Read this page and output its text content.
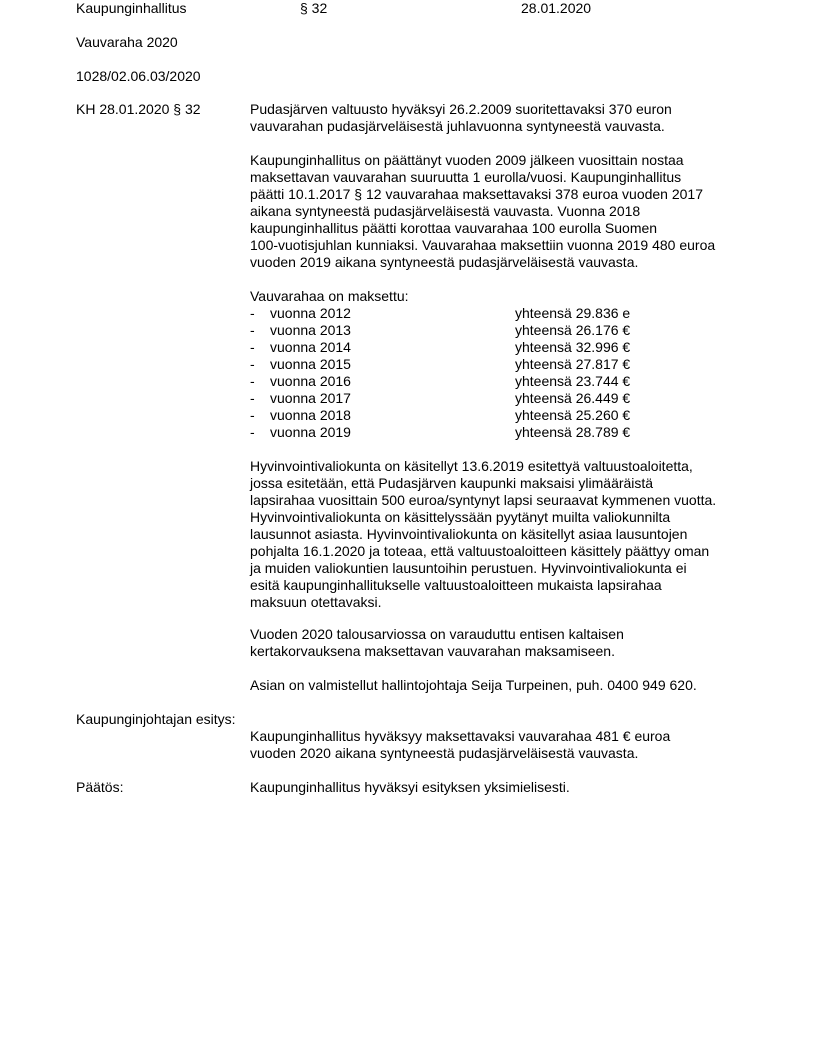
Kaupunginhallitus	§ 32	28.01.2020
Vauvaraha 2020
1028/02.06.03/2020
KH 28.01.2020 § 32	Pudasjärven valtuusto hyväksyi 26.2.2009 suoritettavaksi 370 euron
vauvarahan pudasjärveläisestä juhlavuonna syntyneestä vauvasta.
Kaupunginhallitus on päättänyt vuoden 2009 jälkeen vuosittain nostaa
maksettavan vauvarahan suuruutta 1 eurolla/vuosi. Kaupunginhallitus
päätti 10.1.2017 § 12 vauvarahaa maksettavaksi 378 euroa vuoden 2017
aikana syntyneestä pudasjärveläisestä vauvasta. Vuonna 2018
kaupunginhallitus päätti korottaa vauvarahaa 100 eurolla Suomen
100-vuotisjuhlan kunniaksi. Vauvarahaa maksettiin vuonna 2019 480 euroa
vuoden 2019 aikana syntyneestä pudasjärveläisestä vauvasta.
Vauvarahaa on maksettu:
- vuonna 2012	yhteensä 29.836 e
- vuonna 2013	yhteensä 26.176 €
- vuonna 2014	yhteensä 32.996 €
- vuonna 2015	yhteensä 27.817 €
- vuonna 2016	yhteensä 23.744 €
- vuonna 2017	yhteensä 26.449 €
- vuonna 2018	yhteensä 25.260 €
- vuonna 2019	yhteensä 28.789 €
Hyvinvointivaliokunta on käsitellyt 13.6.2019 esitettyä valtuustoaloitetta,
jossa esitetään, että Pudasjärven kaupunki maksaisi ylimääräistä
lapsirahaa vuosittain 500 euroa/syntynyt lapsi seuraavat kymmenen vuotta.
Hyvinvointivaliokunta on käsittelyssään pyytänyt muilta valiokunnilta
lausunnot asiasta. Hyvinvointivaliokunta on käsitellyt asiaa lausuntojen
pohjalta 16.1.2020 ja toteaa, että valtuustoaloitteen käsittely päättyy oman
ja muiden valiokuntien lausuntoihin perustuen. Hyvinvointivaliokunta ei
esitä kaupunginhallitukselle valtuustoaloitteen mukaista lapsirahaa
maksuun otettavaksi.
Vuoden 2020 talousarviossa on varauduttu entisen kaltaisen
kertakorvauksena maksettavan vauvarahan maksamiseen.
Asian on valmistellut hallintojohtaja Seija Turpeinen, puh. 0400 949 620.
Kaupunginjohtajan esitys:
Kaupunginhallitus hyväksyy maksettavaksi vauvarahaa 481 € euroa
vuoden 2020 aikana syntyneestä pudasjärveläisestä vauvasta.
Päätös:	Kaupunginhallitus hyväksyi esityksen yksimielisesti.
